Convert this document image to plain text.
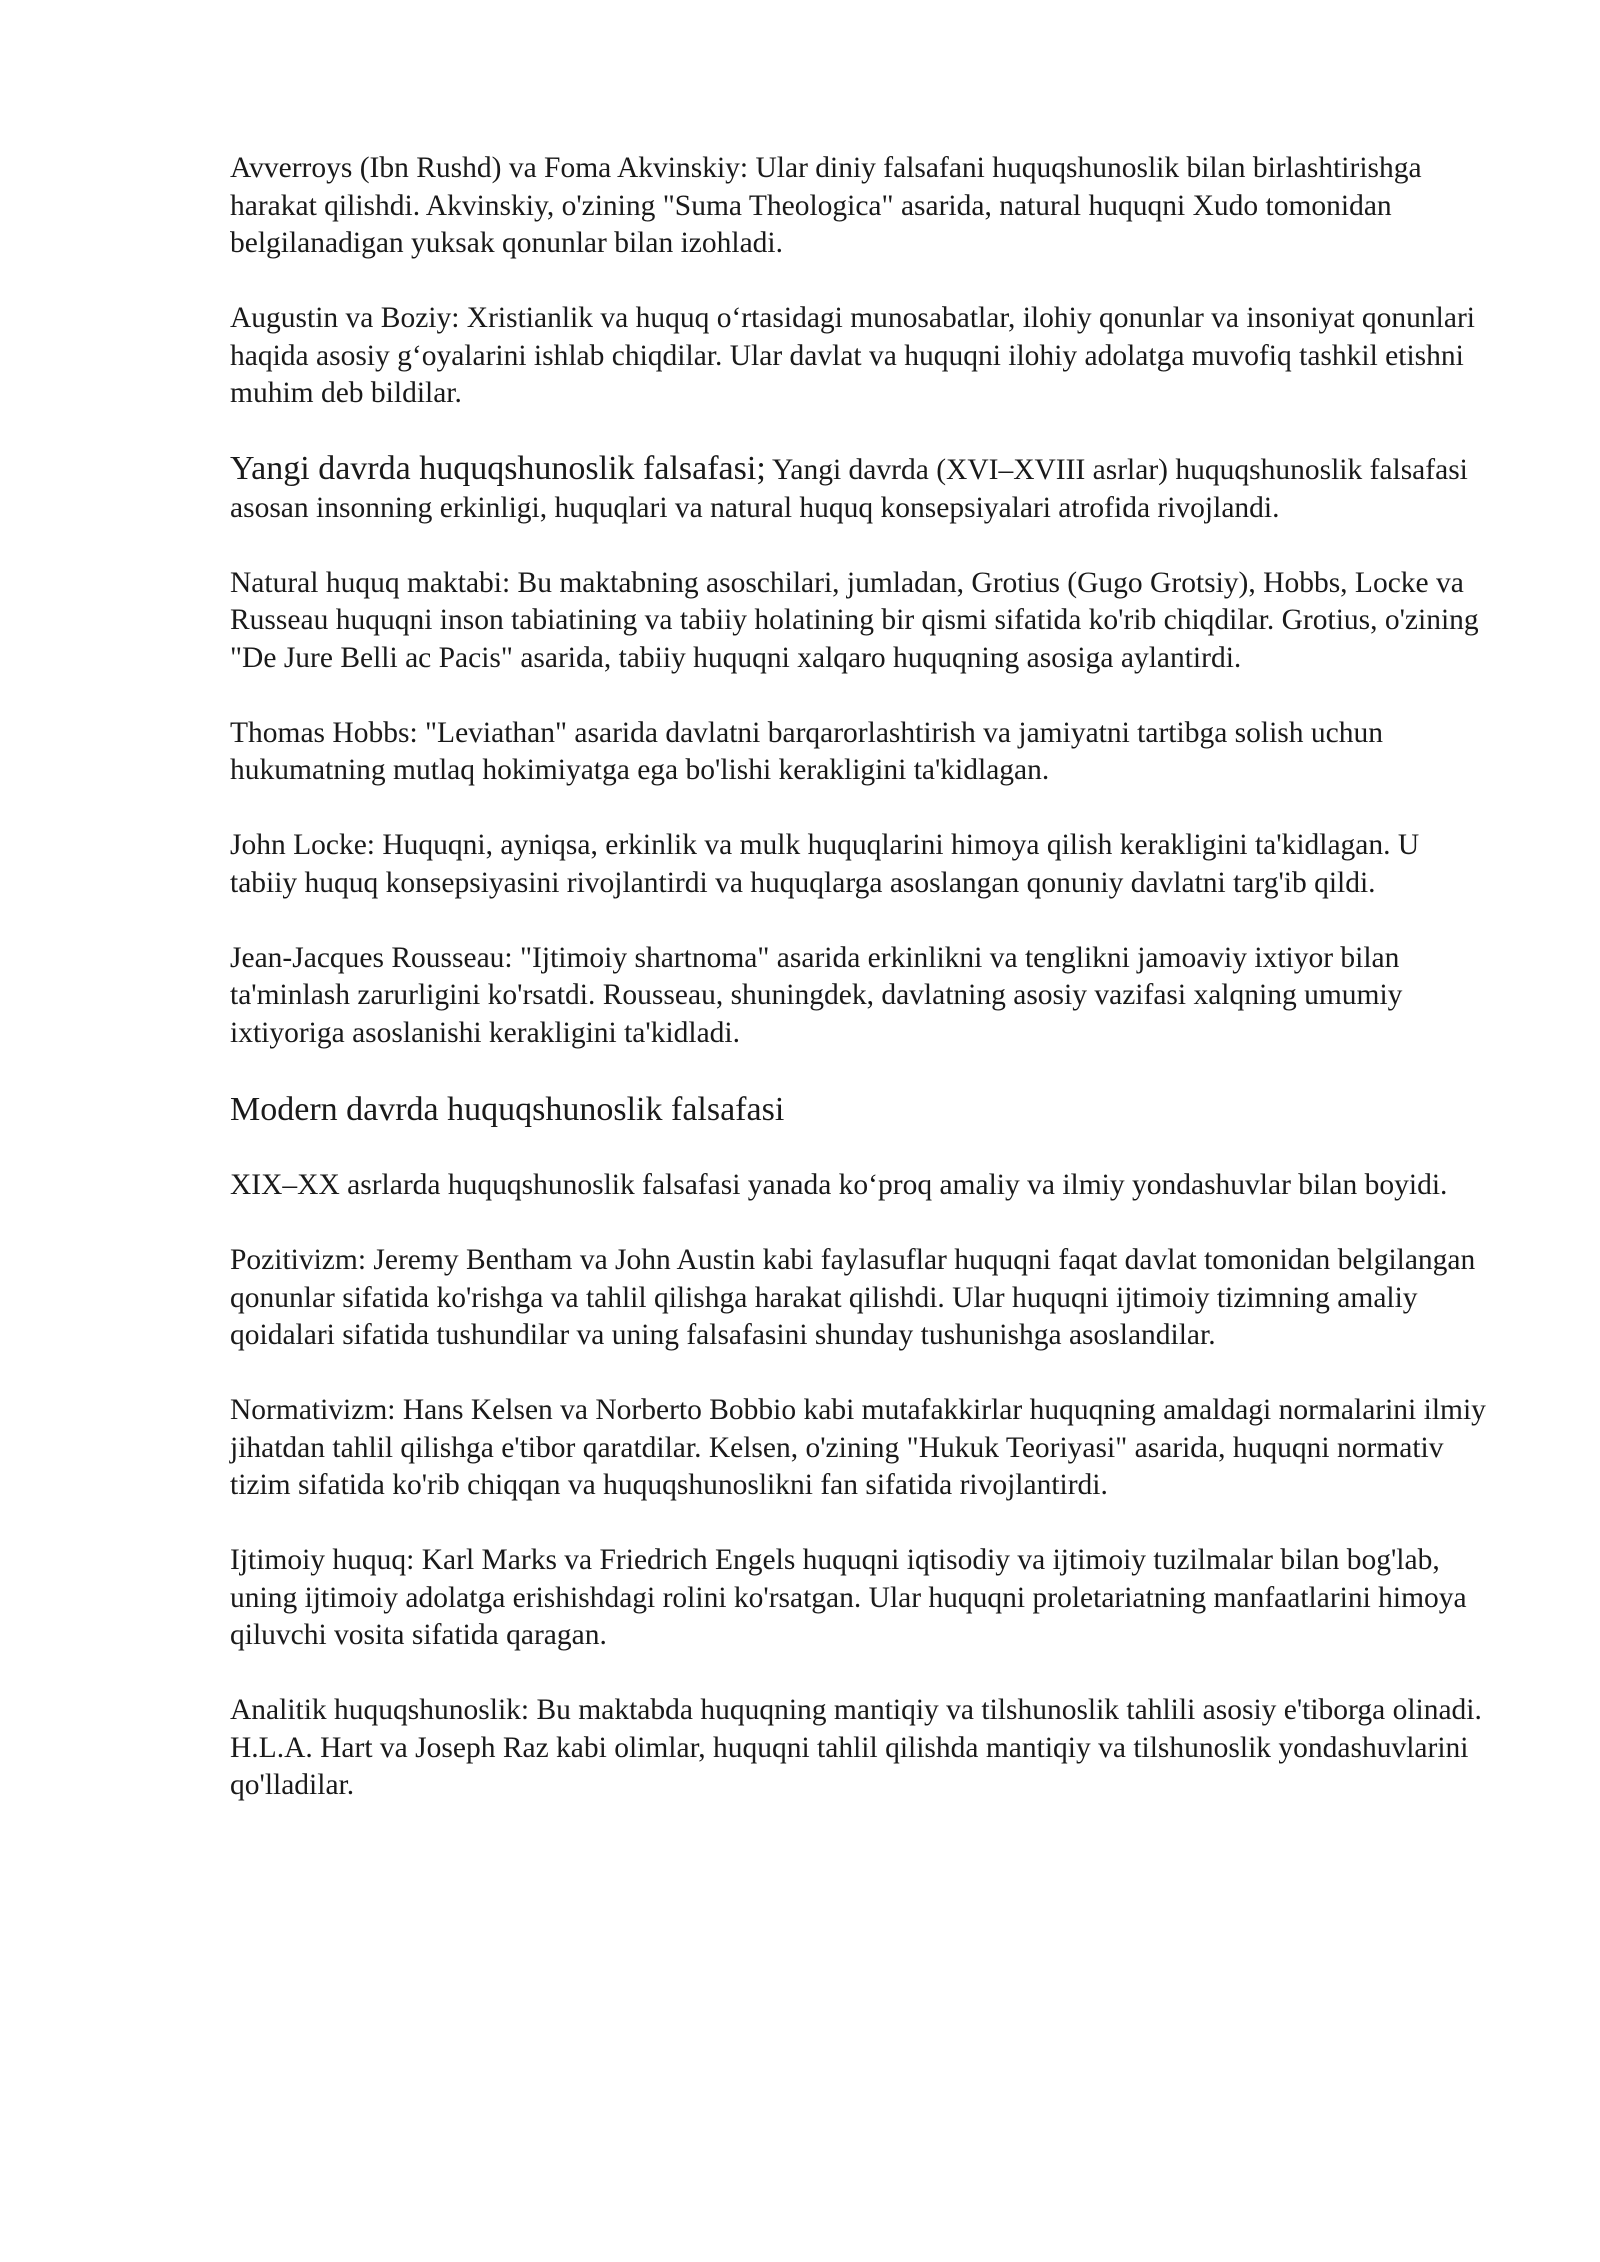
Avverroys (Ibn Rushd) va Foma Akvinskiy: Ular diniy falsafani huquqshunoslik bilan birlashtirishga harakat qilishdi. Akvinskiy, o'zining "Suma Theologica" asarida, natural huquqni Xudo tomonidan belgilanadigan yuksak qonunlar bilan izohladi.

Augustin va Boziy: Xristianlik va huquq oʻrtasidagi munosabatlar, ilohiy qonunlar va insoniyat qonunlari haqida asosiy gʻoyalarini ishlab chiqdilar. Ular davlat va huquqni ilohiy adolatga muvofiq tashkil etishni muhim deb bildilar.

Yangi davrda huquqshunoslik falsafasi; Yangi davrda (XVI–XVIII asrlar) huquqshunoslik falsafasi asosan insonning erkinligi, huquqlari va natural huquq konsepsiyalari atrofida rivojlandi.

Natural huquq maktabi: Bu maktabning asoschilari, jumladan, Grotius (Gugo Grotsiy), Hobbs, Locke va Russeau huquqni inson tabiatining va tabiiy holatining bir qismi sifatida ko'rib chiqdilar. Grotius, o'zining "De Jure Belli ac Pacis" asarida, tabiiy huquqni xalqaro huquqning asosiga aylantirdi.

Thomas Hobbs: "Leviathan" asarida davlatni barqarorlashtirish va jamiyatni tartibga solish uchun hukumatning mutlaq hokimiyatga ega bo'lishi kerakligini ta'kidlagan.

John Locke: Huquqni, ayniqsa, erkinlik va mulk huquqlarini himoya qilish kerakligini ta'kidlagan. U tabiiy huquq konsepsiyasini rivojlantirdi va huquqlarga asoslangan qonuniy davlatni targ'ib qildi.

Jean-Jacques Rousseau: "Ijtimoiy shartnoma" asarida erkinlikni va tenglikni jamoaviy ixtiyor bilan ta'minlash zarurligini ko'rsatdi. Rousseau, shuningdek, davlatning asosiy vazifasi xalqning umumiy ixtiyoriga asoslanishi kerakligini ta'kidladi.

Modern davrda huquqshunoslik falsafasi

XIX–XX asrlarda huquqshunoslik falsafasi yanada koʻproq amaliy va ilmiy yondashuvlar bilan boyidi.

Pozitivizm: Jeremy Bentham va John Austin kabi faylasuflar huquqni faqat davlat tomonidan belgilangan qonunlar sifatida ko'rishga va tahlil qilishga harakat qilishdi. Ular huquqni ijtimoiy tizimning amaliy qoidalari sifatida tushundilar va uning falsafasini shunday tushunishga asoslandilar.

Normativizm: Hans Kelsen va Norberto Bobbio kabi mutafakkirlar huquqning amaldagi normalarini ilmiy jihatdan tahlil qilishga e'tibor qaratdilar. Kelsen, o'zining "Hukuk Teoriyasi" asarida, huquqni normativ tizim sifatida ko'rib chiqqan va huquqshunoslikni fan sifatida rivojlantirdi.

Ijtimoiy huquq: Karl Marks va Friedrich Engels huquqni iqtisodiy va ijtimoiy tuzilmalar bilan bog'lab, uning ijtimoiy adolatga erishishdagi rolini ko'rsatgan. Ular huquqni proletariatning manfaatlarini himoya qiluvchi vosita sifatida qaragan.

Analitik huquqshunoslik: Bu maktabda huquqning mantiqiy va tilshunoslik tahlili asosiy e'tiborga olinadi. H.L.A. Hart va Joseph Raz kabi olimlar, huquqni tahlil qilishda mantiqiy va tilshunoslik yondashuvlarini qo'lladilar.
